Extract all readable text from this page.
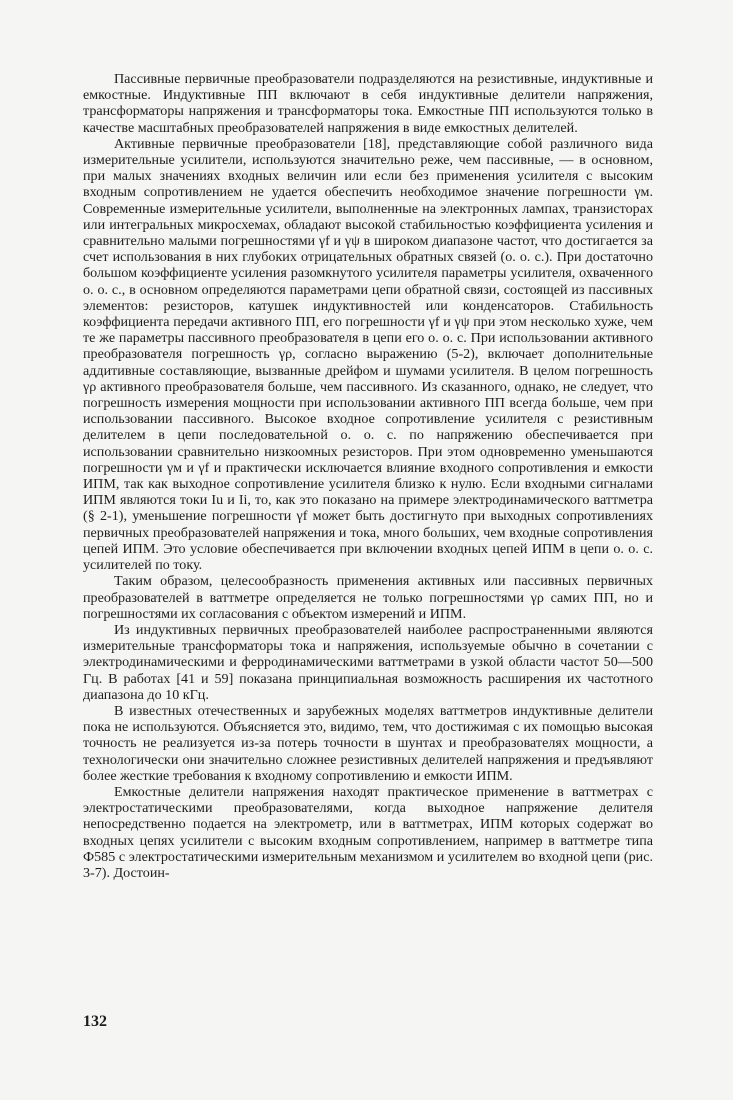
Пассивные первичные преобразователи подразделяются на резистивные, индуктивные и емкостные. Индуктивные ПП включают в себя индуктивные делители напряжения, трансформаторы напряжения и трансформаторы тока. Емкостные ПП используются только в качестве масштабных преобразователей напряжения в виде емкостных делителей.

Активные первичные преобразователи [18], представляющие собой различного вида измерительные усилители, используются значительно реже, чем пассивные, — в основном, при малых значениях входных величин или если без применения усилителя с высоким входным сопротивлением не удается обеспечить необходимое значение погрешности γм. Современные измерительные усилители, выполненные на электронных лампах, транзисторах или интегральных микросхемах, обладают высокой стабильностью коэффициента усиления и сравнительно малыми погрешностями γf и γψ в широком диапазоне частот, что достигается за счет использования в них глубоких отрицательных обратных связей (о. о. с.). При достаточно большом коэффициенте усиления разомкнутого усилителя параметры усилителя, охваченного о. о. с., в основном определяются параметрами цепи обратной связи, состоящей из пассивных элементов: резисторов, катушек индуктивностей или конденсаторов. Стабильность коэффициента передачи активного ПП, его погрешности γf и γψ при этом несколько хуже, чем те же параметры пассивного преобразователя в цепи его о. о. с. При использовании активного преобразователя погрешность γρ, согласно выражению (5-2), включает дополнительные аддитивные составляющие, вызванные дрейфом и шумами усилителя. В целом погрешность γρ активного преобразователя больше, чем пассивного. Из сказанного, однако, не следует, что погрешность измерения мощности при использовании активного ПП всегда больше, чем при использовании пассивного. Высокое входное сопротивление усилителя с резистивным делителем в цепи последовательной о. о. с. по напряжению обеспечивается при использовании сравнительно низкоомных резисторов. При этом одновременно уменьшаются погрешности γм и γf и практически исключается влияние входного сопротивления и емкости ИПМ, так как выходное сопротивление усилителя близко к нулю. Если входными сигналами ИПМ являются токи Iu и Ii, то, как это показано на примере электродинамического ваттметра (§ 2-1), уменьшение погрешности γf может быть достигнуто при выходных сопротивлениях первичных преобразователей напряжения и тока, много больших, чем входные сопротивления цепей ИПМ. Это условие обеспечивается при включении входных цепей ИПМ в цепи о. о. с. усилителей по току.

Таким образом, целесообразность применения активных или пассивных первичных преобразователей в ваттметре определяется не только погрешностями γρ самих ПП, но и погрешностями их согласования с объектом измерений и ИПМ.

Из индуктивных первичных преобразователей наиболее распространенными являются измерительные трансформаторы тока и напряжения, используемые обычно в сочетании с электродинамическими и ферродинамическими ваттметрами в узкой области частот 50—500 Гц. В работах [41 и 59] показана принципиальная возможность расширения их частотного диапазона до 10 кГц.

В известных отечественных и зарубежных моделях ваттметров индуктивные делители пока не используются. Объясняется это, видимо, тем, что достижимая с их помощью высокая точность не реализуется из-за потерь точности в шунтах и преобразователях мощности, а технологически они значительно сложнее резистивных делителей напряжения и предъявляют более жесткие требования к входному сопротивлению и емкости ИПМ.

Емкостные делители напряжения находят практическое применение в ваттметрах с электростатическими преобразователями, когда выходное напряжение делителя непосредственно подается на электрометр, или в ваттметрах, ИПМ которых содержат во входных цепях усилители с высоким входным сопротивлением, например в ваттметре типа Ф585 с электростатическими измерительным механизмом и усилителем во входной цепи (рис. 3-7). Достоин-

132
